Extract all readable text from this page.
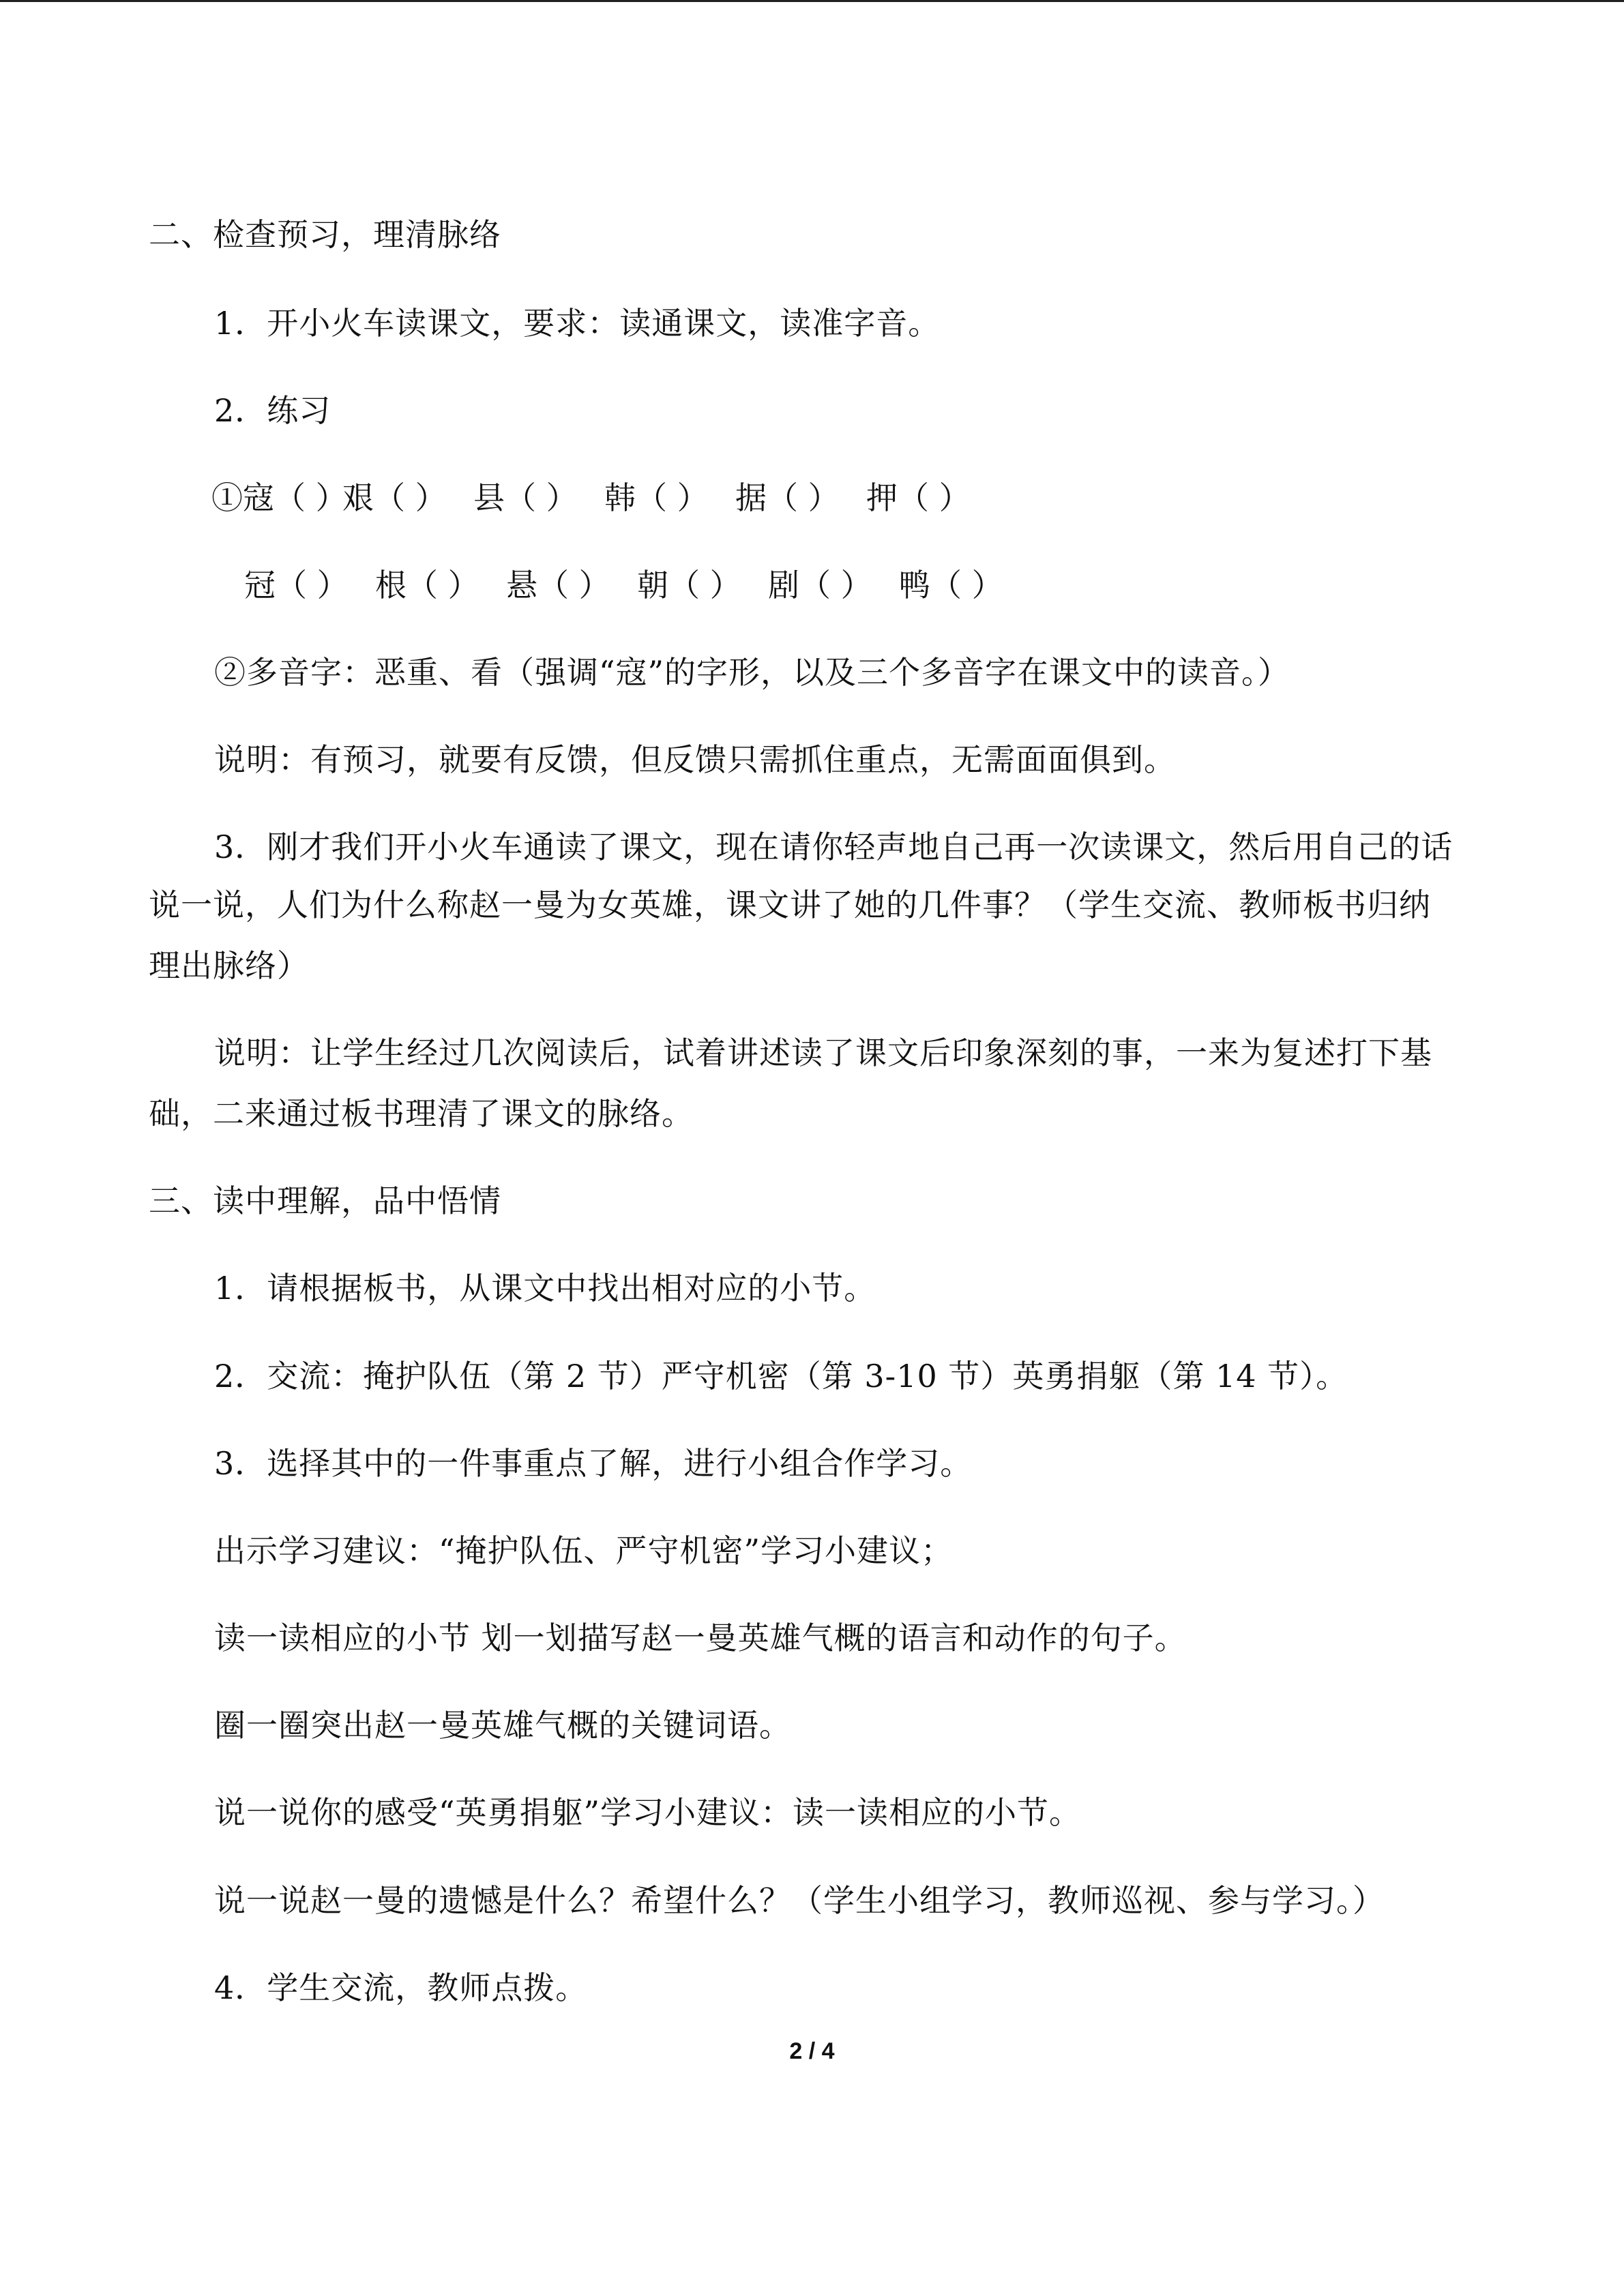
二、检查预习，理清脉络
1．开小火车读课文，要求：读通课文，读准字音。
2．练习
①寇（ ）
艰（ ） 县（ ） 韩（ ） 据（ ） 押（ ）
冠（ ） 根（ ） 悬（ ） 朝（ ） 剧（ ） 鸭（ ）
②多音字：恶重、看（强调“寇”的字形，以及三个多音字在课文中的读音。）
说明：有预习，就要有反馈，但反馈只需抓住重点，无需面面俱到。
3．刚才我们开小火车通读了课文，现在请你轻声地自己再一次读课文，然后用自己的话
说一说，人们为什么称赵一曼为女英雄，课文讲了她的几件事？（学生交流、教师板书归纳
理出脉络）
说明：让学生经过几次阅读后，试着讲述读了课文后印象深刻的事，一来为复述打下基
础，二来通过板书理清了课文的脉络。
三、读中理解，品中悟情
1．请根据板书，从课文中找出相对应的小节。
2．交流：掩护队伍（第 2 节）严守机密（第 3-10 节）英勇捐躯（第 14 节）。
3．选择其中的一件事重点了解，进行小组合作学习。
出示学习建议：“掩护队伍、严守机密”学习小建议；
读一读相应的小节 划一划描写赵一曼英雄气概的语言和动作的句子。
圈一圈突出赵一曼英雄气概的关键词语。
说一说你的感受“英勇捐躯”学习小建议：读一读相应的小节。
说一说赵一曼的遗憾是什么？希望什么？（学生小组学习，教师巡视、参与学习。）
4．学生交流，教师点拨。
2 / 4
